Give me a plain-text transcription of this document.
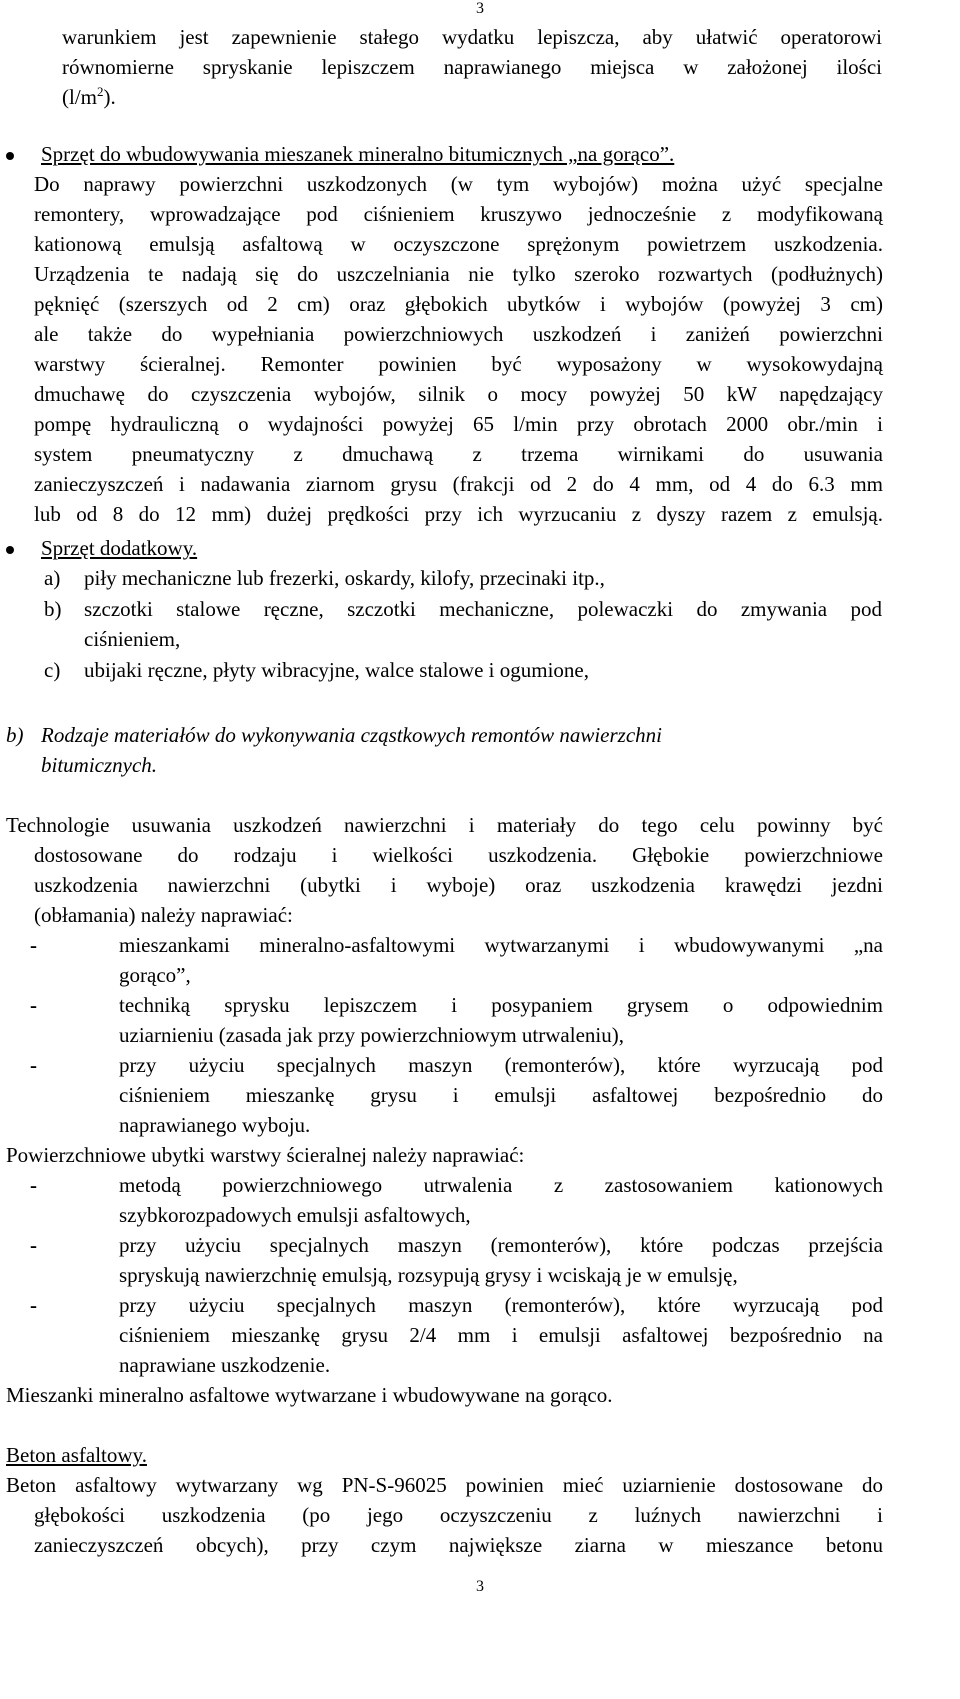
3
warunkiem jest zapewnienie stałego wydatku lepiszcza, aby ułatwić operatorowi
równomierne spryskanie lepiszczem naprawianego miejsca w założonej ilości
$(l/m^2)$.
Sprzęt do wbudowywania mieszanek mineralno bitumicznych „na gorąco”.
Do naprawy powierzchni uszkodzonych (w tym wybojów) można użyć specjalne
remontery, wprowadzające pod ciśnieniem kruszywo jednocześnie z modyfikowaną
kationową emulsją asfaltową w oczyszczone sprężonym powietrzem uszkodzenia.
Urządzenia te nadają się do uszczelniania nie tylko szeroko rozwartych (podłużnych)
pęknięć (szerszych od 2 cm) oraz głębokich ubytków i wybojów (powyżej 3 cm)
ale także do wypełniania powierzchniowych uszkodzeń i zaniżeń powierzchni
warstwy ścieralnej. Remonter powinien być wyposażony w wysokowydajną
dmuchawę do czyszczenia wybojów, silnik o mocy powyżej 50 kW napędzający
pompę hydrauliczną o wydajności powyżej 65 l/min przy obrotach 2000 obr./min i
system pneumatyczny z dmuchawą z trzema wirnikami do usuwania
zanieczyszczeń i nadawania ziarnom grysu (frakcji od 2 do 4 mm, od 4 do 6.3 mm
lub od 8 do 12 mm) dużej prędkości przy ich wyrzucaniu z dyszy razem z emulsją.
Sprzęt dodatkowy.
a) piły mechaniczne lub frezerki, oskardy, kilofy, przecinaki itp.,
b) szczotki stalowe ręczne, szczotki mechaniczne, polewaczki do zmywania pod
ciśnieniem,
c) ubijaki ręczne, płyty wibracyjne, walce stalowe i ogumione,
b) Rodzaje materiałów do wykonywania cząstkowych remontów nawierzchni
bitumicznych.
Technologie usuwania uszkodzeń nawierzchni i materiały do tego celu powinny być
dostosowane do rodzaju i wielkości uszkodzenia. Głębokie powierzchniowe
uszkodzenia nawierzchni (ubytki i wyboje) oraz uszkodzenia krawędzi jezdni
(obłamania) należy naprawiać:
-	mieszankami mineralno-asfaltowymi wytwarzanymi i wbudowywanymi „na
gorąco”,
-	techniką sprysku lepiszczem i posypaniem grysem o odpowiednim
uziarnieniu (zasada jak przy powierzchniowym utrwaleniu),
-	przy użyciu specjalnych maszyn (remonterów), które wyrzucają pod
ciśnieniem mieszankę grysu i emulsji asfaltowej bezpośrednio do
naprawianego wyboju.
Powierzchniowe ubytki warstwy ścieralnej należy naprawiać:
-	metodą powierzchniowego utrwalenia z zastosowaniem kationowych
szybkorozpadowych emulsji asfaltowych,
-	przy użyciu specjalnych maszyn (remonterów), które podczas przejścia
spryskują nawierzchnię emulsją, rozsypują grysy i wciskają je w emulsję,
-	przy użyciu specjalnych maszyn (remonterów), które wyrzucają pod
ciśnieniem mieszankę grysu 2/4 mm i emulsji asfaltowej bezpośrednio na
naprawiane uszkodzenie.
Mieszanki mineralno asfaltowe wytwarzane i wbudowywane na gorąco.
Beton asfaltowy.
Beton asfaltowy wytwarzany wg PN-S-96025 powinien mieć uziarnienie dostosowane do
głębokości uszkodzenia (po jego oczyszczeniu z luźnych nawierzchni i
zanieczyszczeń obcych), przy czym największe ziarna w mieszance betonu
3
